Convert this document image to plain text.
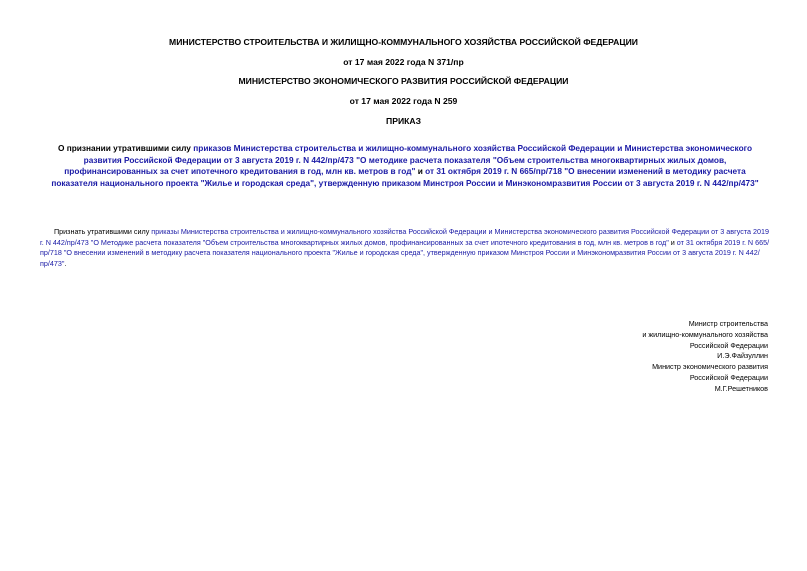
МИНИСТЕРСТВО СТРОИТЕЛЬСТВА И ЖИЛИЩНО-КОММУНАЛЬНОГО ХОЗЯЙСТВА РОССИЙСКОЙ ФЕДЕРАЦИИ
от 17 мая 2022 года N 371/пр
МИНИСТЕРСТВО ЭКОНОМИЧЕСКОГО РАЗВИТИЯ РОССИЙСКОЙ ФЕДЕРАЦИИ
от 17 мая 2022 года N 259
ПРИКАЗ
О признании утратившими силу приказов Министерства строительства и жилищно-коммунального хозяйства Российской Федерации и Министерства экономического развития Российской Федерации от 3 августа 2019 г. N 442/пр/473 "О методике расчета показателя "Объем строительства многоквартирных жилых домов, профинансированных за счет ипотечного кредитования в год, млн кв. метров в год" и от 31 октября 2019 г. N 665/пр/718 "О внесении изменений в методику расчета показателя национального проекта "Жилье и городская среда", утвержденную приказом Минстроя России и Минэкономразвития России от 3 августа 2019 г. N 442/пр/473"
Признать утратившими силу приказы Министерства строительства и жилищно-коммунального хозяйства Российской Федерации и Министерства экономического развития Российской Федерации от 3 августа 2019 г. N 442/пр/473 "О Методике расчета показателя "Объем строительства многоквартирных жилых домов, профинансированных за счет ипотечного кредитования в год, млн кв. метров в год" и от 31 октября 2019 г. N 665/пр/718 "О внесении изменений в методику расчета показателя национального проекта "Жилье и городская среда", утвержденную приказом Минстроя России и Минэкономразвития России от 3 августа 2019 г. N 442/пр/473".
Министр строительства
и жилищно-коммунального хозяйства
Российской Федерации
И.Э.Файзуллин
Министр экономического развития
Российской Федерации
М.Г.Решетников
